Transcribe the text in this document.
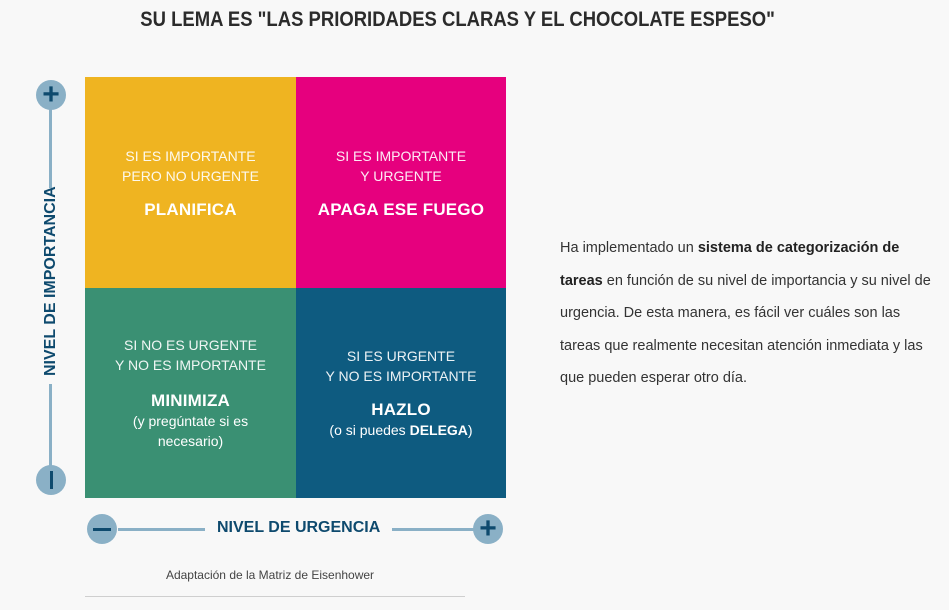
SU LEMA ES "LAS PRIORIDADES CLARAS Y EL CHOCOLATE ESPESO"
NIVEL DE IMPORTANCIA
+
SI ES IMPORTANTE
PERO NO URGENTE
PLANIFICA
SI ES IMPORTANTE
Y URGENTE
APAGA ESE FUEGO
SI NO ES URGENTE
Y NO ES IMPORTANTE
MINIMIZA
(y pregúntate si es
necesario)
SI ES URGENTE
Y NO ES IMPORTANTE
HAZLO
(o si puedes DELEGA)
NIVEL DE URGENCIA	+
Adaptación de la Matriz de Eisenhower
Ha implementado un sistema de categorización de tareas en función de su nivel de importancia y su nivel de urgencia. De esta manera, es fácil ver cuáles son las tareas que realmente necesitan atención inmediata y las que pueden esperar otro día.
